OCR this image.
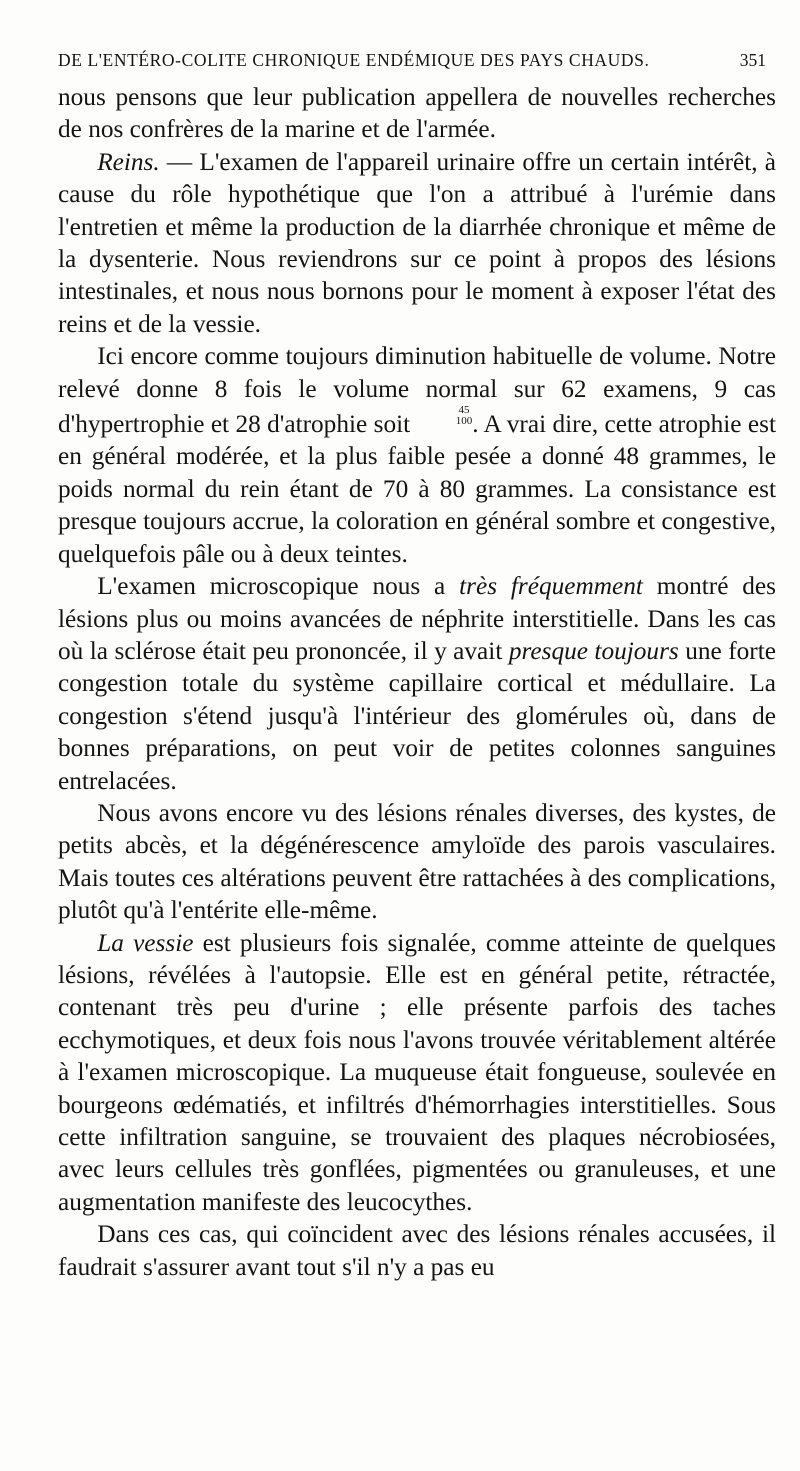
DE L'ENTÉRO-COLITE CHRONIQUE ENDÉMIQUE DES PAYS CHAUDS.	351

nous pensons que leur publication appellera de nouvelles recherches de nos confrères de la marine et de l'armée.

Reins. — L'examen de l'appareil urinaire offre un certain intérêt, à cause du rôle hypothétique que l'on a attribué à l'urémie dans l'entretien et même la production de la diarrhée chronique et même de la dysenterie. Nous reviendrons sur ce point à propos des lésions intestinales, et nous nous bornons pour le moment à exposer l'état des reins et de la vessie.

Ici encore comme toujours diminution habituelle de volume. Notre relevé donne 8 fois le volume normal sur 62 examens, 9 cas d'hypertrophie et 28 d'atrophie soit	45
100 . A vrai dire, cette atrophie est en général modérée, et la plus faible pesée a donné 48 grammes, le poids normal du rein étant de 70 à 80 grammes. La consistance est presque toujours accrue, la coloration en général sombre et congestive, quelquefois pâle ou à deux teintes.

L'examen microscopique nous a très fréquemment montré des lésions plus ou moins avancées de néphrite interstitielle. Dans les cas où la sclérose était peu prononcée, il y avait presque toujours une forte congestion totale du système capillaire cortical et médullaire. La congestion s'étend jusqu'à l'intérieur des glomérules où, dans de bonnes préparations, on peut voir de petites colonnes sanguines entrelacées.

Nous avons encore vu des lésions rénales diverses, des kystes, de petits abcès, et la dégénérescence amyloïde des parois vasculaires. Mais toutes ces altérations peuvent être rattachées à des complications, plutôt qu'à l'entérite elle-même.

La vessie est plusieurs fois signalée, comme atteinte de quelques lésions, révélées à l'autopsie. Elle est en général petite, rétractée, contenant très peu d'urine ; elle présente parfois des taches ecchymotiques, et deux fois nous l'avons trouvée véritablement altérée à l'examen microscopique. La muqueuse était fongueuse, soulevée en bourgeons œdématiés, et infiltrés d'hémorrhagies interstitielles. Sous cette infiltration sanguine, se trouvaient des plaques nécrobiosées, avec leurs cellules très gonflées, pigmentées ou granuleuses, et une augmentation manifeste des leucocythes.

Dans ces cas, qui coïncident avec des lésions rénales accusées, il faudrait s'assurer avant tout s'il n'y a pas eu
